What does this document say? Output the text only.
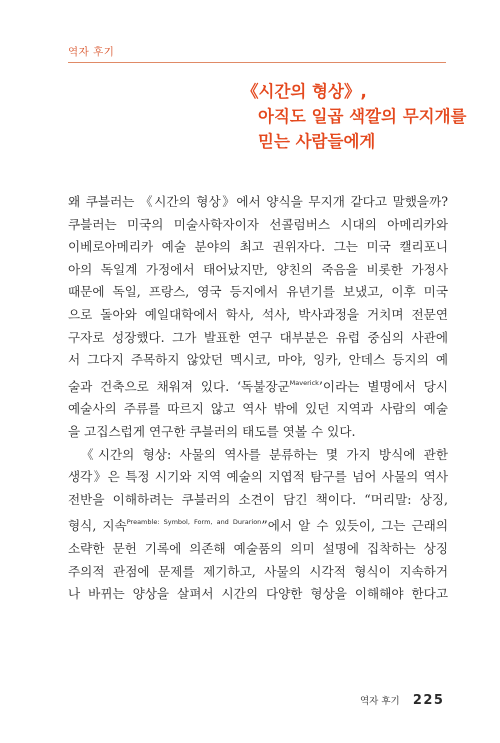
역자 후기
《시간의 형상》,
아직도 일곱 색깔의 무지개를
믿는 사람들에게
왜 쿠블러는 《시간의 형상》에서 양식을 무지개 같다고 말했을까?
쿠블러는 미국의 미술사학자이자 선콜럼버스 시대의 아메리카와
이베로아메리카 예술 분야의 최고 권위자다. 그는 미국 캘리포니
아의 독일계 가정에서 태어났지만, 양친의 죽음을 비롯한 가정사
때문에 독일, 프랑스, 영국 등지에서 유년기를 보냈고, 이후 미국
으로 돌아와 예일대학에서 학사, 석사, 박사과정을 거치며 전문연
구자로 성장했다. 그가 발표한 연구 대부분은 유럽 중심의 사관에
서 그다지 주목하지 않았던 멕시코, 마야, 잉카, 안데스 등지의 예
술과 건축으로 채워져 있다. ‘독불장군$^{Maverick}$’이라는 별명에서 당시
예술사의 주류를 따르지 않고 역사 밖에 있던 지역과 사람의 예술
을 고집스럽게 연구한 쿠블러의 태도를 엿볼 수 있다.
《시간의 형상: 사물의 역사를 분류하는 몇 가지 방식에 관한
생각》은 특정 시기와 지역 예술의 지엽적 탐구를 넘어 사물의 역사
전반을 이해하려는 쿠블러의 소견이 담긴 책이다. “머리말: 상징,
형식, 지속$^{Preamble: Symbol, Form, and Durarion}$”에서 알 수 있듯이, 그는 근래의
소략한 문헌 기록에 의존해 예술품의 의미 설명에 집착하는 상징
주의적 관점에 문제를 제기하고, 사물의 시각적 형식이 지속하거
나 바뀌는 양상을 살펴서 시간의 다양한 형상을 이해해야 한다고
역자 후기 225
